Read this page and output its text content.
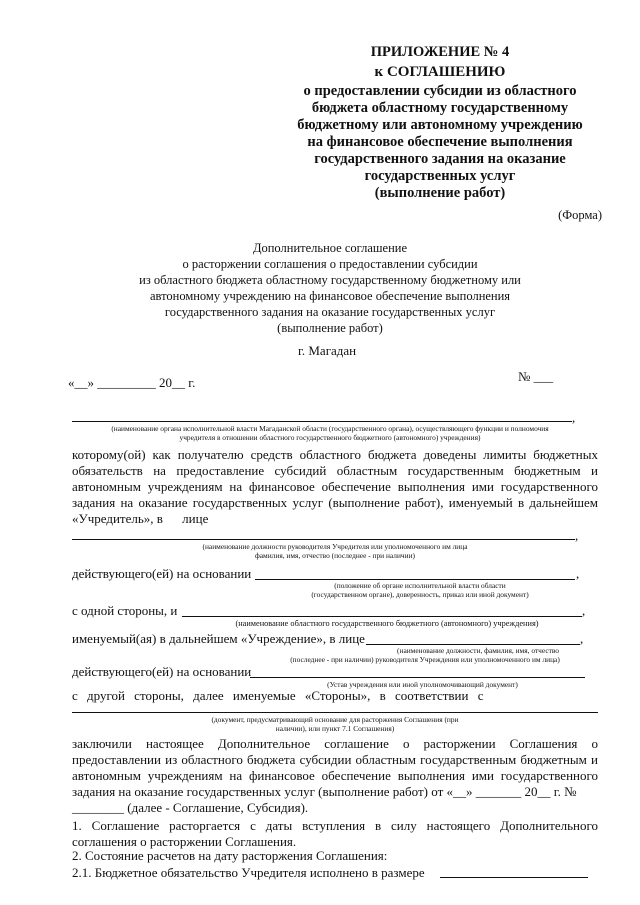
ПРИЛОЖЕНИЕ № 4
к СОГЛАШЕНИЮ
о предоставлении субсидии из областного
бюджета областному государственному
бюджетному или автономному учреждению
на финансовое обеспечение выполнения
государственного задания на оказание
государственных услуг
(выполнение работ)
(Форма)
Дополнительное соглашение
о расторжении соглашения о предоставлении субсидии
из областного бюджета областному государственному бюджетному или
автономному учреждению на финансовое обеспечение выполнения
государственного задания на оказание государственных услуг
(выполнение работ)
г. Магадан
«__» _________ 20__ г.	№ ___
,
(наименование органа исполнительной власти Магаданской области (государственного органа), осуществляющего функции и полномочия
учредителя в отношении областного государственного бюджетного (автономного) учреждения)
которому(ой) как получателю средств областного бюджета доведены лимиты бюджетных обязательств на предоставление субсидий областным государственным бюджетным и автономным учреждениям на финансовое обеспечение выполнения ими государственного задания на оказание государственных услуг (выполнение работ), именуемый в дальнейшем «Учредитель», в лице
,
(наименование должности руководителя Учредителя или уполномоченного им лица
фамилия, имя, отчество (последнее - при наличии)
действующего(ей) на основании	,
(положение об органе исполнительной власти области
(государственном органе), доверенность, приказ или иной документ)
с одной стороны, и	,
(наименование областного государственного бюджетного (автономного) учреждения)
именуемый(ая) в дальнейшем «Учреждение», в лице	,
(наименование должности, фамилия, имя, отчество
(последнее - при наличии) руководителя Учреждения или уполномоченного им лица)
действующего(ей) на основании
(Устав учреждения или иной уполномочивающий документ)
с другой стороны, далее именуемые «Стороны», в соответствии с
(документ, предусматривающий основание для расторжения Соглашения (при
наличии), или пункт 7.1 Соглашения)
заключили настоящее Дополнительное соглашение о расторжении Соглашения о предоставлении из областного бюджета субсидии областным государственным бюджетным и автономным учреждениям на финансовое обеспечение выполнения ими государственного задания на оказание государственных услуг (выполнение работ) от «__» _______ 20__ г. №
________ (далее - Соглашение, Субсидия).
1. Соглашение расторгается с даты вступления в силу настоящего Дополнительного соглашения о расторжении Соглашения.
2. Состояние расчетов на дату расторжения Соглашения:
2.1. Бюджетное обязательство Учредителя исполнено в размере
